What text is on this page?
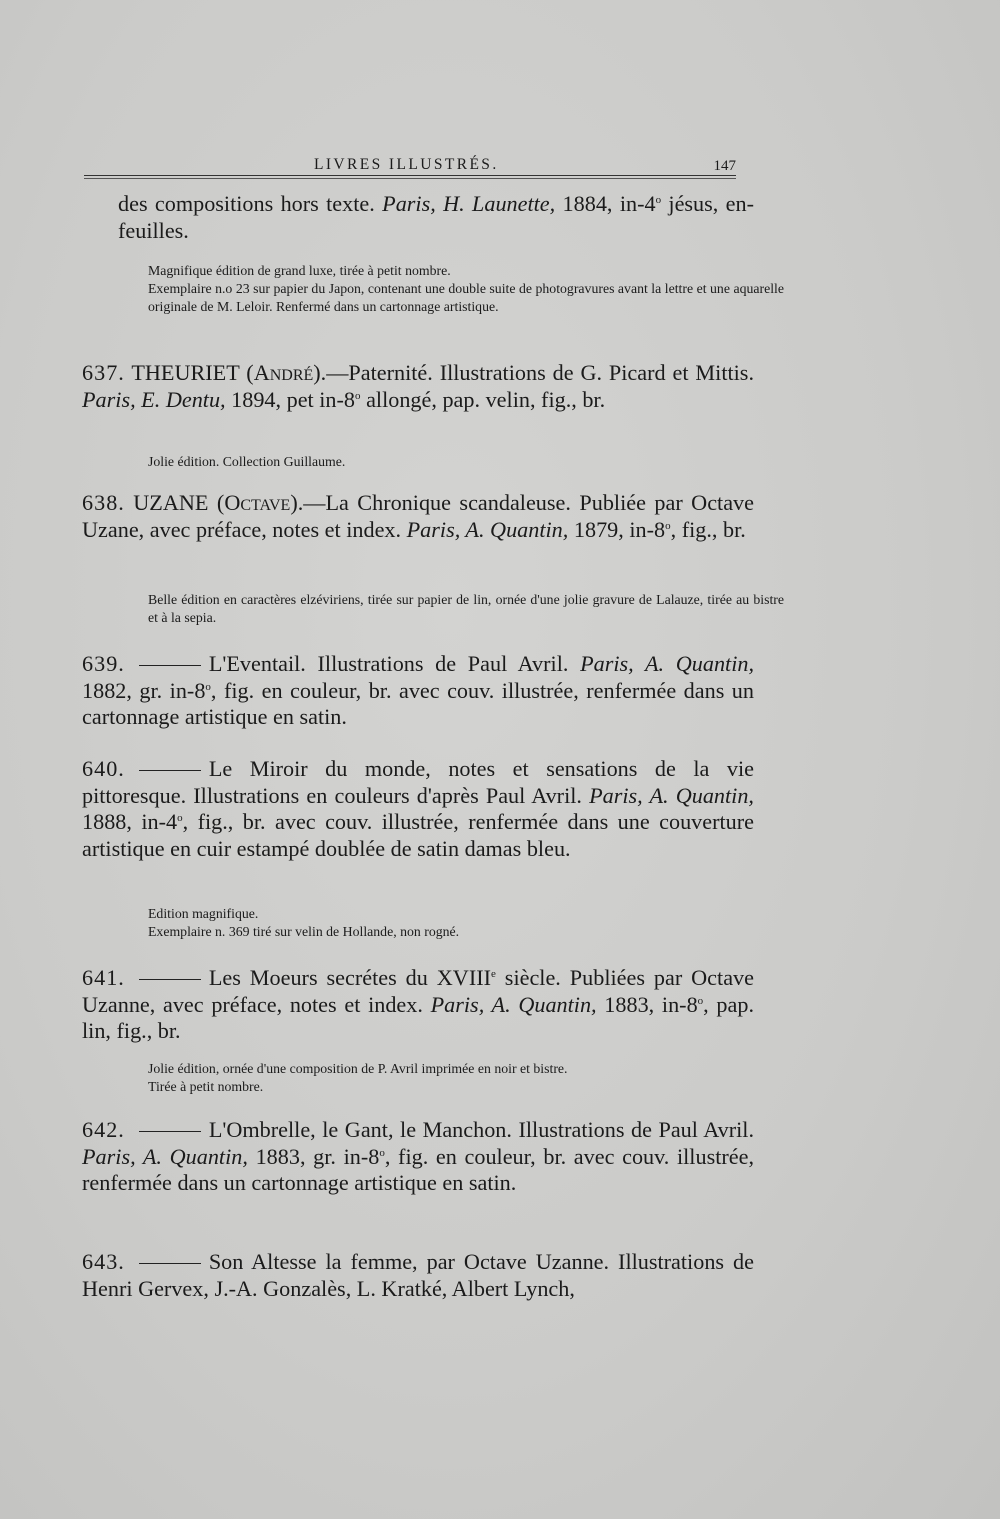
LIVRES ILLUSTRÉS.	147
des compositions hors texte. Paris, H. Launette, 1884, in-4$^o$ jésus, en-feuilles.

Magnifique édition de grand luxe, tirée à petit nombre.

Exemplaire n.o 23 sur papier du Japon, contenant une double suite de photogravures avant la lettre et une aquarelle originale de M. Leloir. Renfermé dans un cartonnage artistique.

637. THEURIET (André).—Paternité. Illustrations de G. Picard et Mittis. Paris, E. Dentu, 1894, pet in-8$^o$ allongé, pap. velin, fig., br.

Jolie édition. Collection Guillaume.

638. UZANE (Octave).—La Chronique scandaleuse. Publiée par Octave Uzane, avec préface, notes et index. Paris, A. Quantin, 1879, in-8$^o$, fig., br.

Belle édition en caractères elzéviriens, tirée sur papier de lin, ornée d'une jolie gravure de Lalauze, tirée au bistre et à la sepia.

639.	L'Eventail. Illustrations de Paul Avril. Paris, A. Quantin, 1882, gr. in-8$^o$, fig. en couleur, br. avec couv. illustrée, renfermée dans un cartonnage artistique en satin.
640.	Le Miroir du monde, notes et sensations de la vie pittoresque. Illustrations en couleurs d'après Paul Avril. Paris, A. Quantin, 1888, in-4$^o$, fig., br. avec couv. illustrée, renfermée dans une couverture artistique en cuir estampé doublée de satin damas bleu.

Edition magnifique.

Exemplaire n. 369 tiré sur velin de Hollande, non rogné.

641.	Les Moeurs secrétes du XVIIIe siècle. Publiées par Octave Uzanne, avec préface, notes et index. Paris, A. Quantin, 1883, in-8$^o$, pap. lin, fig., br.

Jolie édition, ornée d'une composition de P. Avril imprimée en noir et bistre.

Tirée à petit nombre.

642.	L'Ombrelle, le Gant, le Manchon. Illustrations de Paul Avril. Paris, A. Quantin, 1883, gr. in-8$^o$, fig. en couleur, br. avec couv. illustrée, renfermée dans un cartonnage artistique en satin.
643.	Son Altesse la femme, par Octave Uzanne. Illustrations de Henri Gervex, J.-A. Gonzalès, L. Kratké, Albert Lynch,
